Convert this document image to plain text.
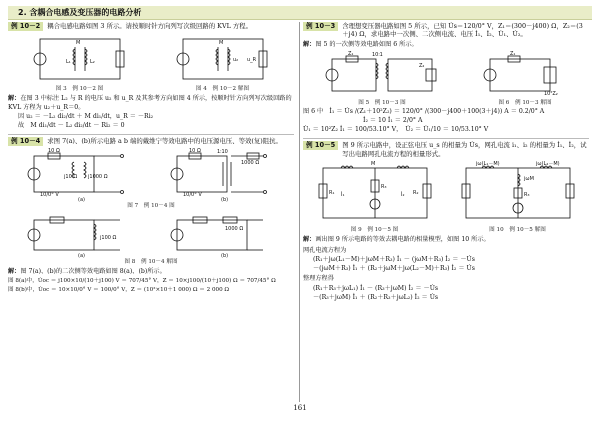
2. 含耦合电感及变压器的电路分析
例 10－2	耦合电感电路如图 3 所示。请按顺时针方向列写次级回路的 KVL 方程。
M
L₁	L₂
图 3　例 10－2 图
M
u₂ u_R
图 4　例 10－2 解图
解：在图 3 中标注 L₂ 与 R 的电压 u₂ 和 u_R 及其参考方向如图 4 所示，按顺时针方向列写次级回路的 KVL 方程为 u₂＋u_R＝0。
因 u₂ ＝ －L₂ di₂/dt ＋ M di₁/dt，u_R ＝ －Ri₂
故　M di₁/dt － L₂ di₂/dt － Ri₂ ＝ 0
例 10－4	求图 7(a)、(b)所示电路 a b 端的戴维宁等效电路中的电压源电压、等效(复)阻抗。
10 Ω
j10 Ω j1000 Ω
10/0° V
(a)
10 Ω	1∶10
1000 Ω
10/0° V
(b)
图 7　例 10－4 图
j100 Ω
(a)
1000 Ω
(b)
图 8　例 10－4 解图
解：图 7(a)、(b)的二次侧等效电路如图 8(a)、(b)所示。
图 8(a)中，U̇oc ＝ j100×10/(10＋j100) V ＝ 707/45° V，Z ＝ 10×j100/(10＋j100) Ω ＝ 707/45° Ω
图 8(b)中，U̇oc ＝ 10×10/0° V ＝ 100/0° V，Z ＝ (10²×10＋1 000) Ω ＝ 2 000 Ω
例 10－3	含理想变压器电路如图 5 所示，已知 U̇s＝120/0° V，Z₁＝(300－j400) Ω，Z₂＝(3＋j4) Ω，求电路中一次侧、二次侧电流、电压 İ₁、İ₂、U̇₁、U̇₂。
解：图 5 的一次侧等效电路如图 6 所示。
10∶1
Z₁
Z₂
图 5　例 10－3 图
Z₁
10²Z₂
图 6　例 10－3 解图
图 6 中　İ₁ ＝ U̇s /(Z₁＋10²Z₂) ＝ 120/0° /(300－j400＋100(3＋j4)) A ＝ 0.2/0° A
İ₂ ＝ 10 İ₁ ＝ 2/0° A
U̇₁ ＝ 10²Z₂ İ₁ ＝ 100/53.10° V，　U̇₂ ＝ U̇₁/10 ＝ 10/53.10° V
例 10－5	图 9 所示电路中，设正弦电压 u_s 的相量为 U̇s，网孔电流 i₁、i₂ 的相量为 İ₁、İ₂，试写出电路网孔电流方程的相量形式。
M
İ₁	İ₂
R₁	R₂
R₃
图 9　例 10－5 图
jω(L₁－M)	jω(L₂－M)
jωM
R₃
图 10　例 10－5 解图
解：画出图 9 所示电路的等效去耦电路的相量模型，如图 10 所示。
网孔电流方程为
(R₁＋jω(L₁－M)＋jωM＋R₃) İ₁ － (jωM＋R₃) İ₂ ＝ －U̇s
－(jωM＋R₃) İ₁ ＋ (R₂＋jωM＋jω(L₂－M)＋R₃) İ₂ ＝ U̇s
整理方程得
(R₁＋R₃＋jωL₁) İ₁ － (R₃＋jωM) İ₂ ＝ －U̇s
－(R₃＋jωM) İ₁ ＋ (R₂＋R₃＋jωL₂) İ₂ ＝ U̇s
161
